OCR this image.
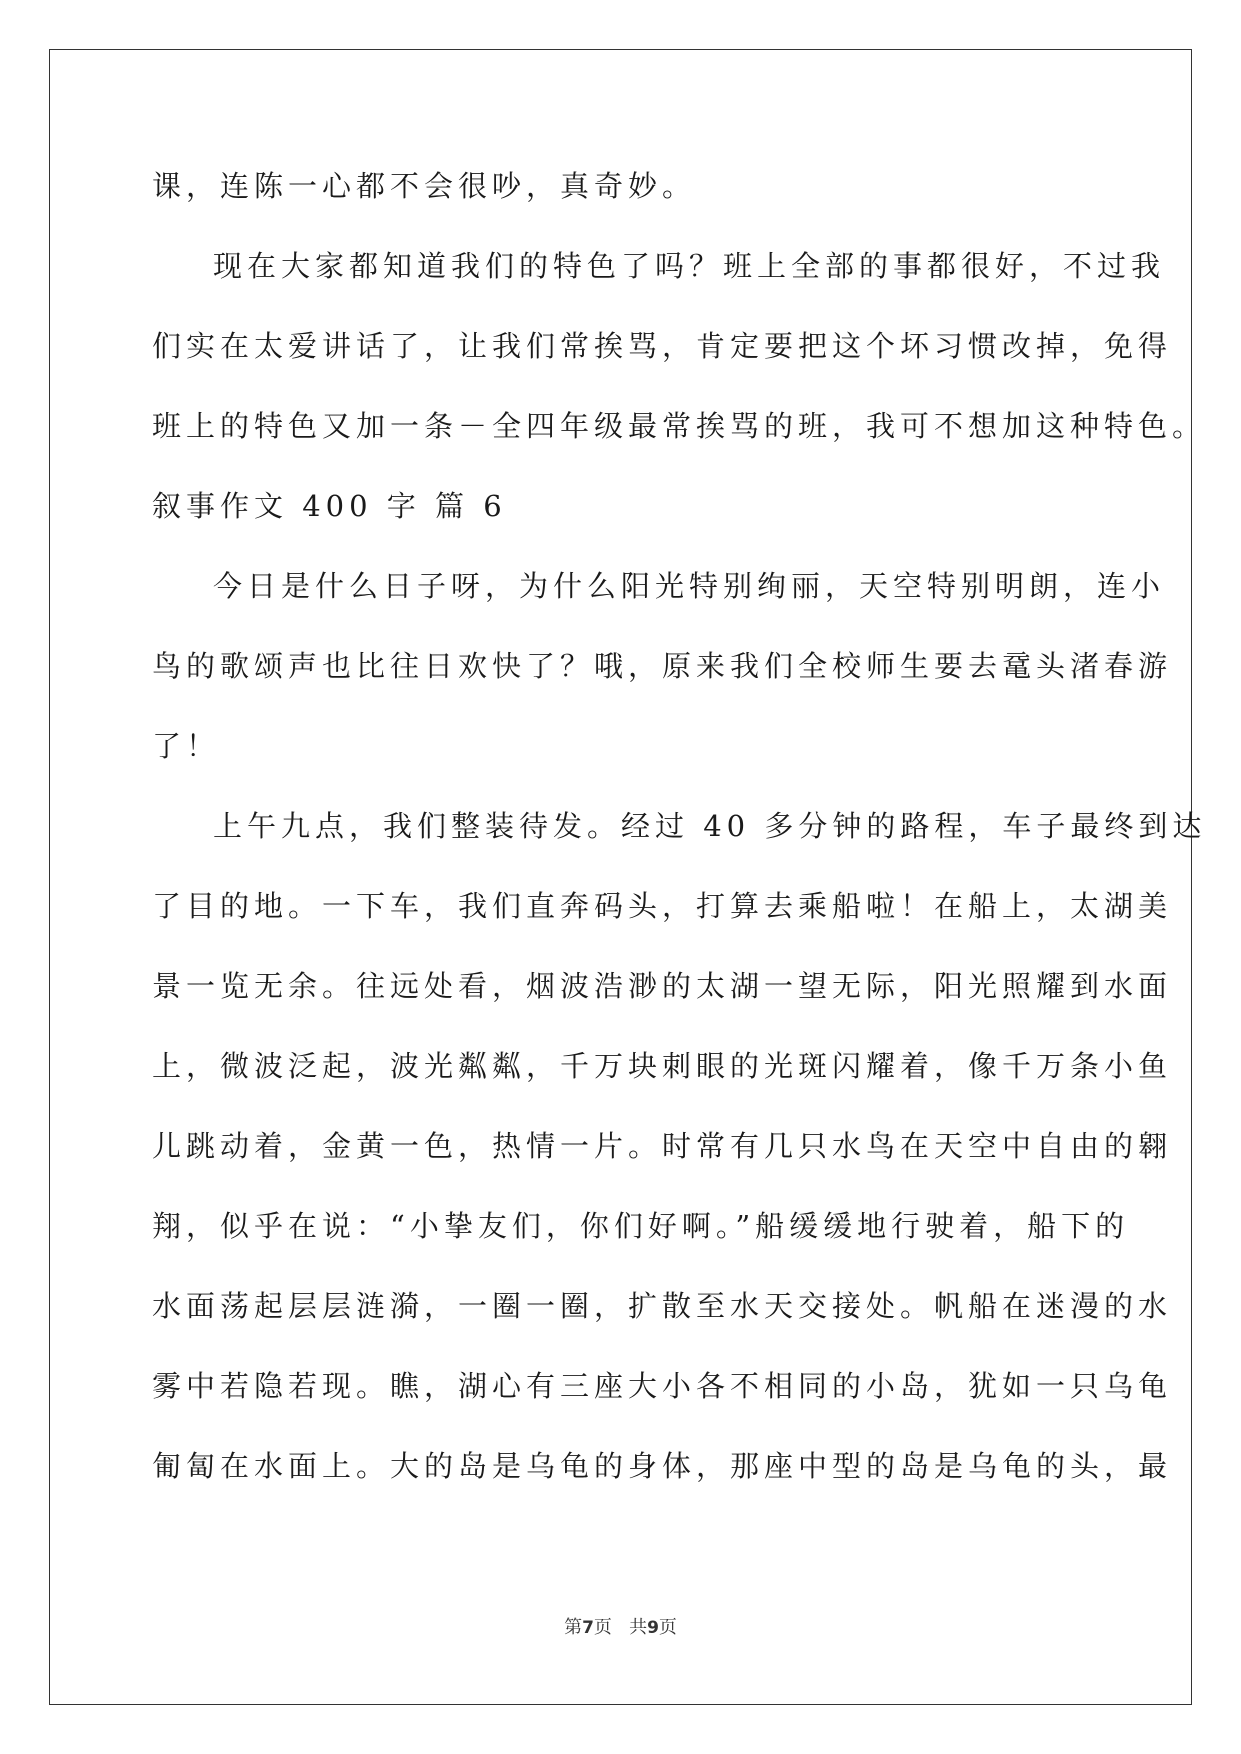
课，连陈一心都不会很吵，真奇妙。
现在大家都知道我们的特色了吗？班上全部的事都很好，不过我
们实在太爱讲话了，让我们常挨骂，肯定要把这个坏习惯改掉，免得
班上的特色又加一条－全四年级最常挨骂的班，我可不想加这种特色。
叙事作文 400 字 篇 6
今日是什么日子呀，为什么阳光特别绚丽，天空特别明朗，连小
鸟的歌颂声也比往日欢快了？哦，原来我们全校师生要去鼋头渚春游
了！
上午九点，我们整装待发。经过 40 多分钟的路程，车子最终到达
了目的地。一下车，我们直奔码头，打算去乘船啦！在船上，太湖美
景一览无余。往远处看，烟波浩渺的太湖一望无际，阳光照耀到水面
上，微波泛起，波光粼粼，千万块刺眼的光斑闪耀着，像千万条小鱼
儿跳动着，金黄一色，热情一片。时常有几只水鸟在天空中自由的翱
翔，似乎在说：“小挚友们，你们好啊。”船缓缓地行驶着，船下的
水面荡起层层涟漪，一圈一圈，扩散至水天交接处。帆船在迷漫的水
雾中若隐若现。瞧，湖心有三座大小各不相同的小岛，犹如一只乌龟
匍匐在水面上。大的岛是乌龟的身体，那座中型的岛是乌龟的头，最
第7页 共9页
